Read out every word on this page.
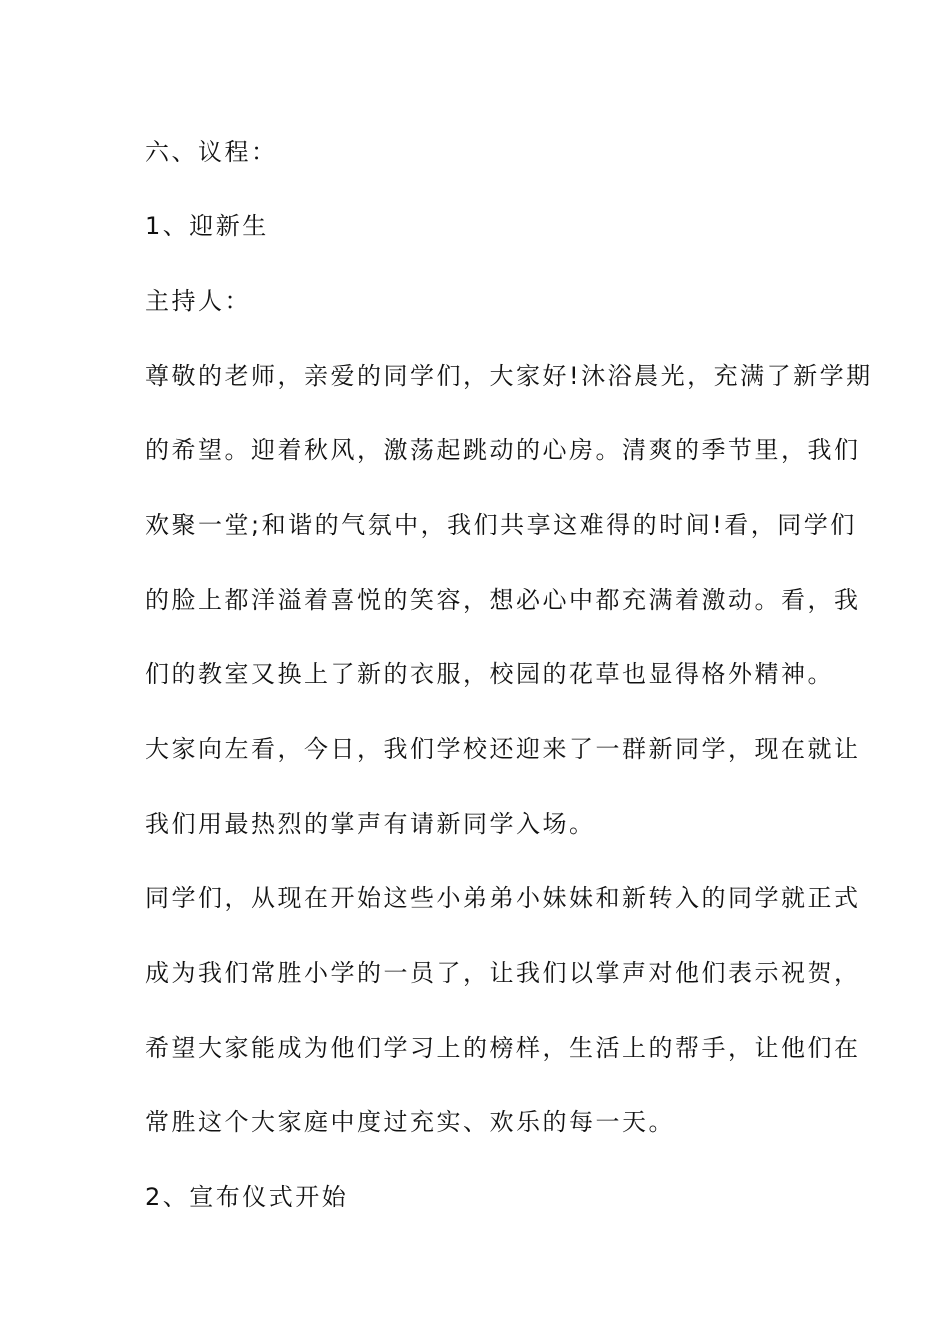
六、议程：
1、迎新生
主持人：
尊敬的老师，亲爱的同学们，大家好!沐浴晨光，充满了新学期
的希望。迎着秋风，激荡起跳动的心房。清爽的季节里，我们
欢聚一堂;和谐的气氛中，我们共享这难得的时间!看，同学们
的脸上都洋溢着喜悦的笑容，想必心中都充满着激动。看，我
们的教室又换上了新的衣服，校园的花草也显得格外精神。
大家向左看，今日，我们学校还迎来了一群新同学，现在就让
我们用最热烈的掌声有请新同学入场。
同学们，从现在开始这些小弟弟小妹妹和新转入的同学就正式
成为我们常胜小学的一员了，让我们以掌声对他们表示祝贺，
希望大家能成为他们学习上的榜样，生活上的帮手，让他们在
常胜这个大家庭中度过充实、欢乐的每一天。
2、宣布仪式开始
